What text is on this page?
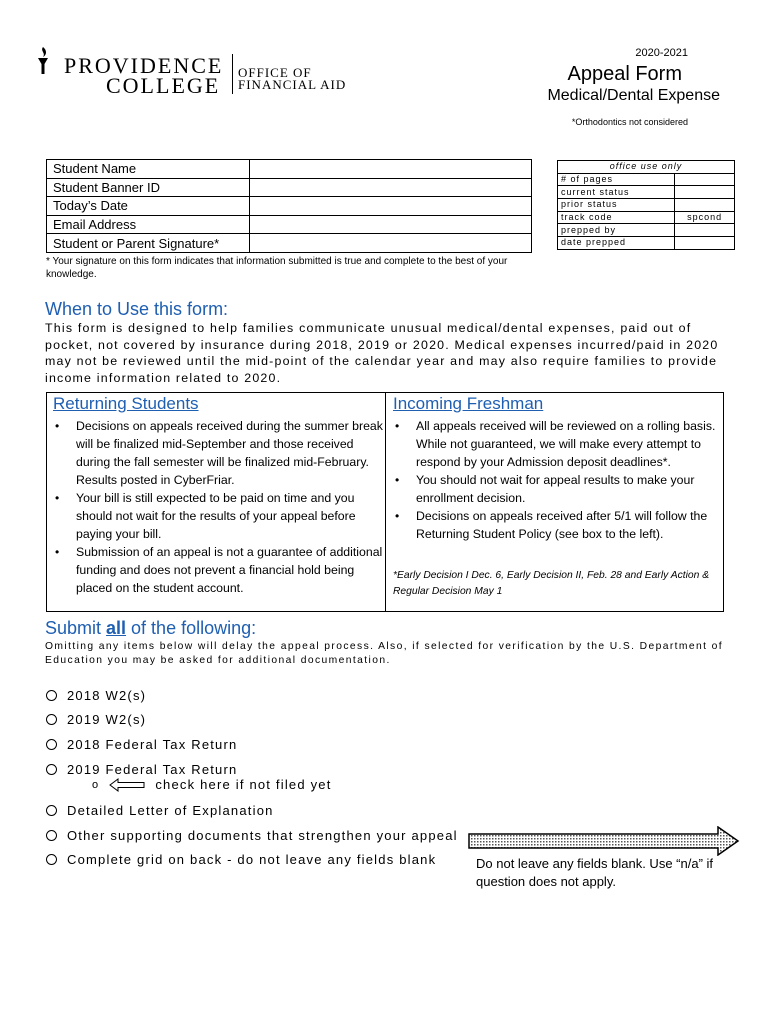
PROVIDENCE
COLLEGE
OFFICE OF
FINANCIAL AID
2020-2021
Appeal Form
Medical/Dental Expense
*Orthodontics not considered
Student Name	
Student Banner ID	
Today’s Date	
Email Address	
Student or Parent Signature*	
* Your signature on this form indicates that information submitted is true and complete to the best of your knowledge.
office use only	
# of pages	
current status	
prior status	
track code	spcond
prepped by	
date prepped	
When to Use this form:
This form is designed to help families communicate unusual medical/dental expenses, paid out of pocket, not covered by insurance during 2018, 2019 or 2020. Medical expenses incurred/paid in 2020 may not be reviewed until the mid-point of the calendar year and may also require families to provide income information related to 2020.
Returning Students
• Decisions on appeals received during the summer break will be finalized mid-September and those received during the fall semester will be finalized mid-February. Results posted in CyberFriar.
• Your bill is still expected to be paid on time and you should not wait for the results of your appeal before paying your bill.
• Submission of an appeal is not a guarantee of additional funding and does not prevent a financial hold being placed on the student account.
Incoming Freshman
• All appeals received will be reviewed on a rolling basis. While not guaranteed, we will make every attempt to respond by your Admission deposit deadlines*.
• You should not wait for appeal results to make your enrollment decision.
• Decisions on appeals received after 5/1 will follow the Returning Student Policy (see box to the left).
*Early Decision I Dec. 6, Early Decision II, Feb. 28 and Early Action & Regular Decision May 1
Submit all of the following:
Omitting any items below will delay the appeal process. Also, if selected for verification by the U.S. Department of Education you may be asked for additional documentation.
2018 W2(s)
2019 W2(s)
2018 Federal Tax Return
2019 Federal Tax Return
o	check here if not filed yet
Detailed Letter of Explanation
Other supporting documents that strengthen your appeal
Complete grid on back - do not leave any fields blank	Do not leave any fields blank. Use “n/a” if question does not apply.
